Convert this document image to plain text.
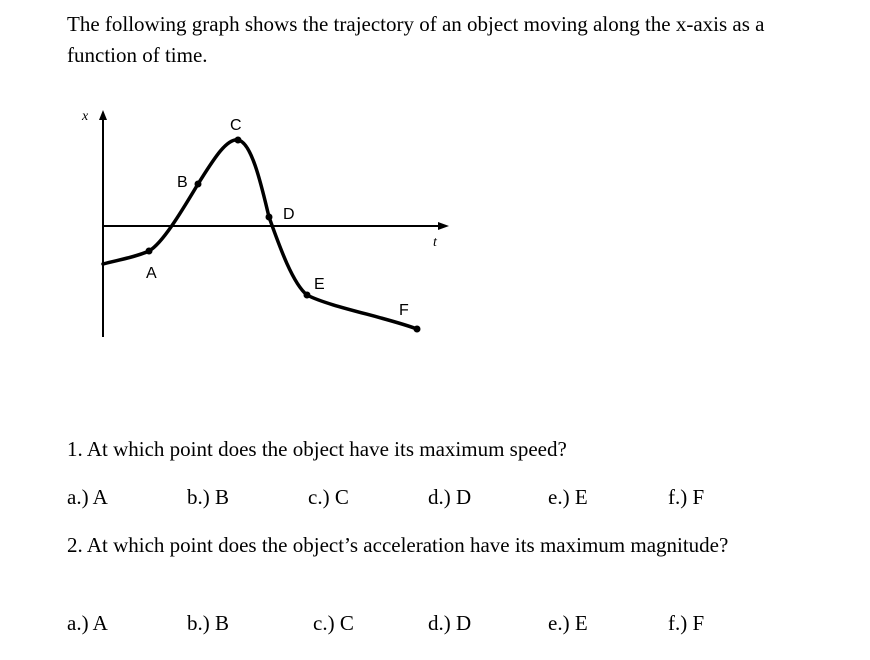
The following graph shows the trajectory of an object moving along the x-axis as a function of time.

x
t
A
B
C
D
E
F

1. At which point does the object have its maximum speed?

a.) A	b.) B	c.) C	d.) D	e.) E	f.) F

2. At which point does the object’s acceleration have its maximum magnitude?

a.) A	b.) B	c.) C	d.) D	e.) E	f.) F
